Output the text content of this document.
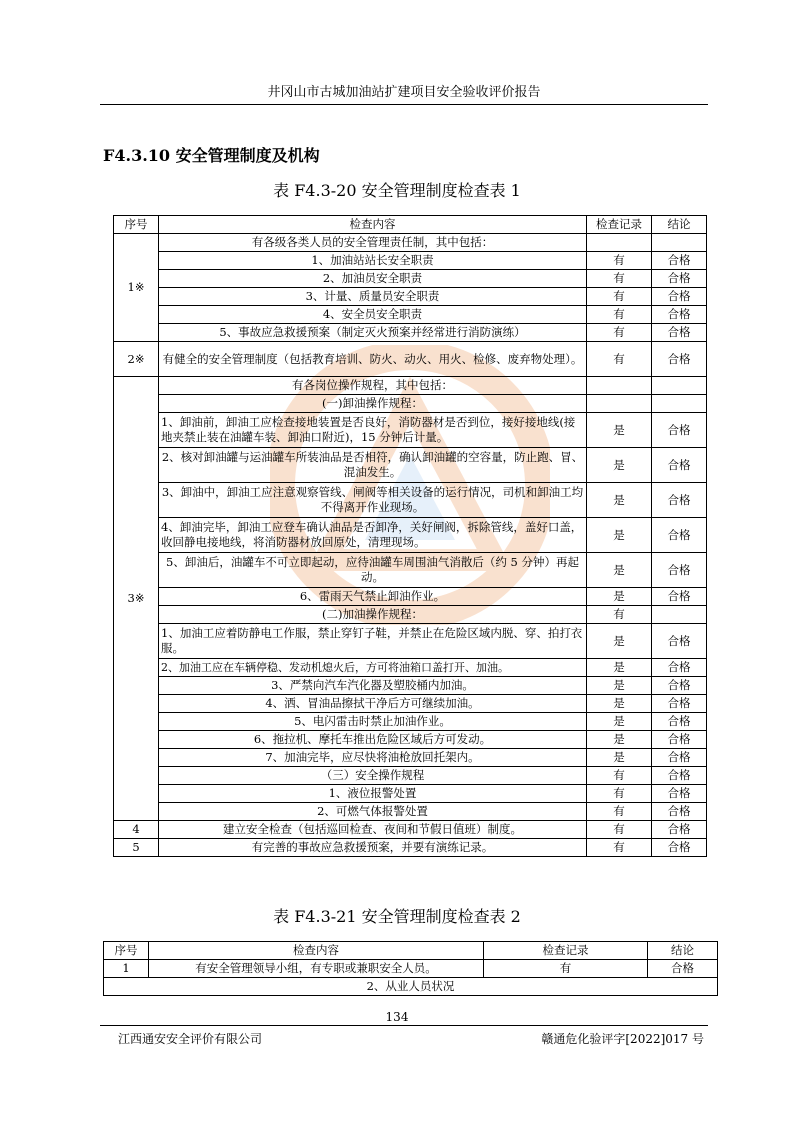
井冈山市古城加油站扩建项目安全验收评价报告
F4.3.10 安全管理制度及机构
表 F4.3-20 安全管理制度检查表 1
序号	检查内容	检查记录	结论
1※	有各级各类人员的安全管理责任制，其中包括：		
	1、加油站站长安全职责	有	合格
	2、加油员安全职责	有	合格
	3、计量、质量员安全职责	有	合格
	4、安全员安全职责	有	合格
	5、事故应急救援预案（制定灭火预案并经常进行消防演练）	有	合格
2※	有健全的安全管理制度（包括教育培训、防火、动火、用火、检修、废弃物处理）。	有	合格
3※	有各岗位操作规程，其中包括：		
	(一)卸油操作规程：		
	1、卸油前，卸油工应检查接地装置是否良好，消防器材是否到位，接好接地线(接地夹禁止装在油罐车装、卸油口附近)，15 分钟后计量。	是	合格
	2、核对卸油罐与运油罐车所装油品是否相符，确认卸油罐的空容量，防止跑、冒、混油发生。	是	合格
	3、卸油中，卸油工应注意观察管线、闸阀等相关设备的运行情况，司机和卸油工均不得离开作业现场。	是	合格
	4、卸油完毕，卸油工应登车确认油品是否卸净，关好闸阀，拆除管线，盖好口盖，收回静电接地线，将消防器材放回原处，清理现场。	是	合格
	5、卸油后，油罐车不可立即起动，应待油罐车周围油气消散后（约 5 分钟）再起动。	是	合格
	6、雷雨天气禁止卸油作业。	是	合格
	(二)加油操作规程：	有	
	1、加油工应着防静电工作服，禁止穿钉子鞋，并禁止在危险区域内脱、穿、拍打衣服。	是	合格
	2、加油工应在车辆停稳、发动机熄火后，方可将油箱口盖打开、加油。	是	合格
	3、严禁向汽车汽化器及塑胶桶内加油。	是	合格
	4、洒、冒油品擦拭干净后方可继续加油。	是	合格
	5、电闪雷击时禁止加油作业。	是	合格
	6、拖拉机、摩托车推出危险区域后方可发动。	是	合格
	7、加油完毕，应尽快将油枪放回托架内。	是	合格
	（三）安全操作规程	有	合格
	1、液位报警处置	有	合格
	2、可燃气体报警处置	有	合格
4	建立安全检查（包括巡回检查、夜间和节假日值班）制度。	有	合格
5	有完善的事故应急救援预案，并要有演练记录。	有	合格
表 F4.3-21 安全管理制度检查表 2
序号	检查内容	检查记录	结论
1	有安全管理领导小组，有专职或兼职安全人员。	有	合格
2、从业人员状况			
134
江西通安安全评价有限公司	赣通危化验评字[2022]017 号
